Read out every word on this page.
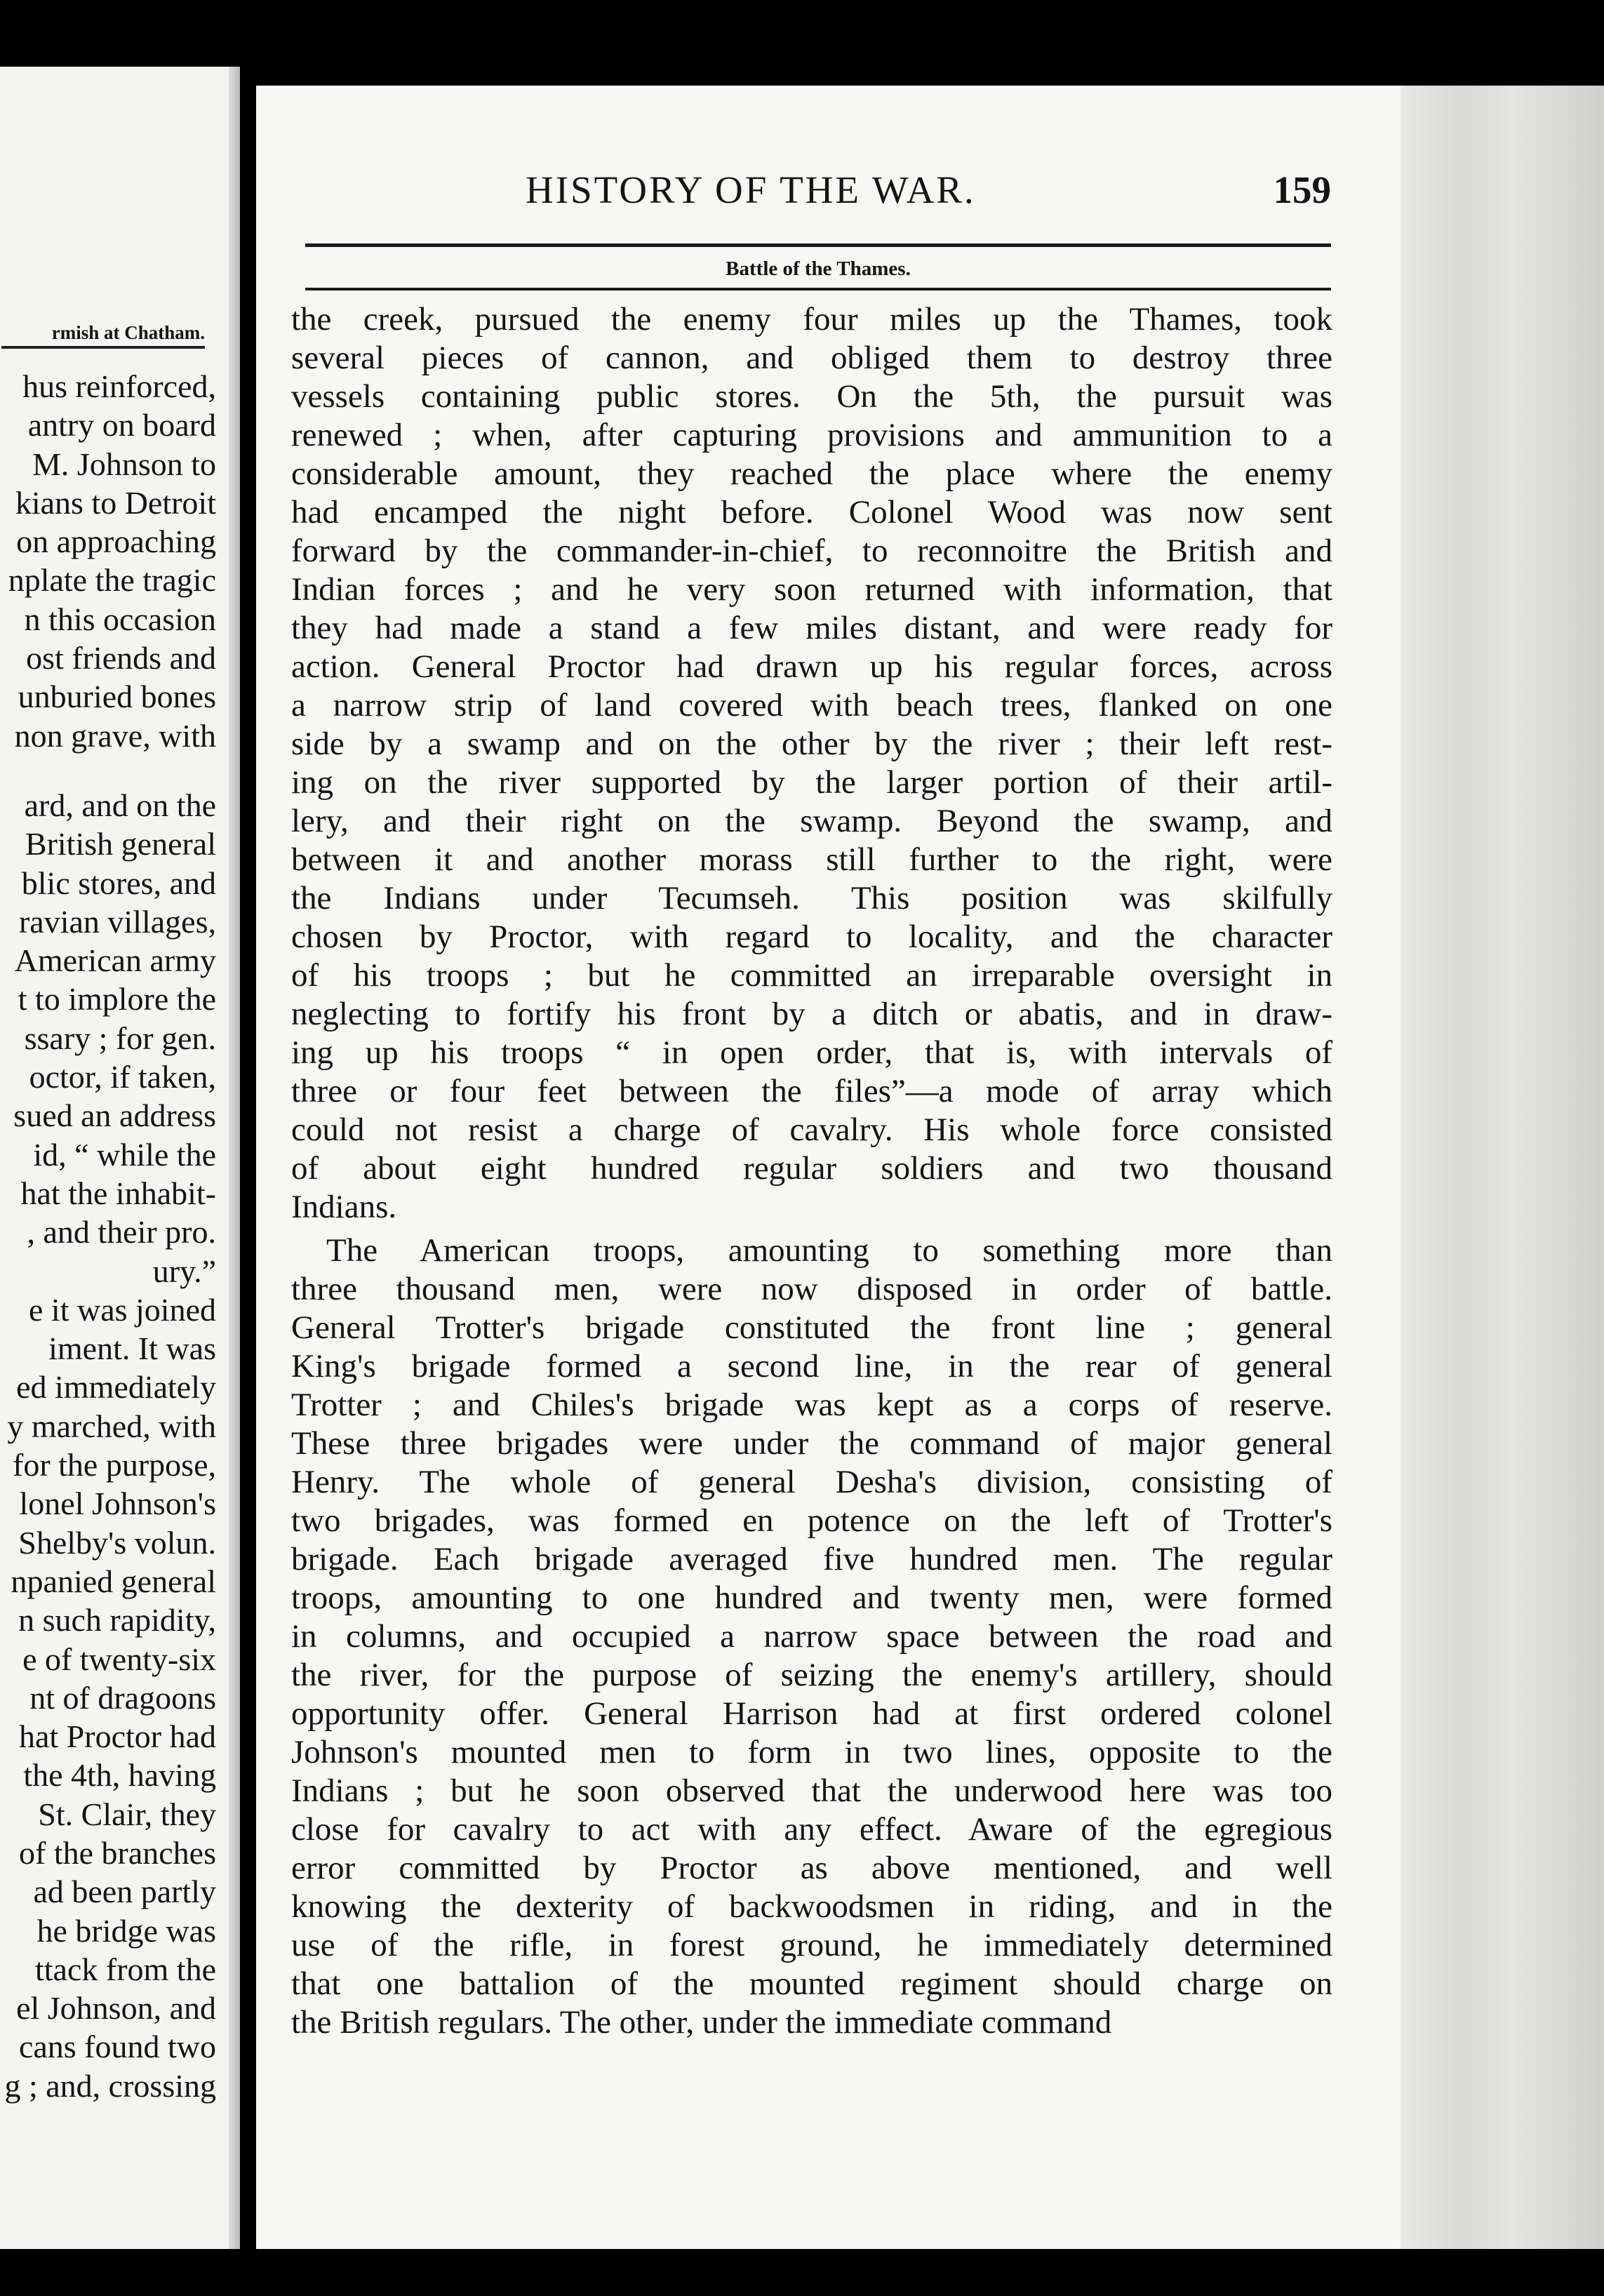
rmish at Chatham.
hus reinforced,
antry on board
M. Johnson to
kians to Detroit
on approaching
nplate the tragic
n this occasion
ost friends and
unburied bones
non grave, with
ard, and on the
British general
blic stores, and
ravian villages,
American army
t to implore the
ssary ; for gen.
octor, if taken,
sued an address
id, “ while the
hat the inhabit-
, and their pro.
ury.”
e it was joined
iment. It was
ed immediately
y marched, with
for the purpose,
lonel Johnson's
Shelby's volun.
npanied general
n such rapidity,
e of twenty-six
nt of dragoons
hat Proctor had
the 4th, having
St. Clair, they
of the branches
ad been partly
he bridge was
ttack from the
el Johnson, and
cans found two
g ; and, crossing
HISTORY OF THE WAR.	159
Battle of the Thames.
the creek, pursued the enemy four miles up the Thames, took
several pieces of cannon, and obliged them to destroy three
vessels containing public stores. On the 5th, the pursuit was
renewed ; when, after capturing provisions and ammunition to a
considerable amount, they reached the place where the enemy
had encamped the night before. Colonel Wood was now sent
forward by the commander-in-chief, to reconnoitre the British and
Indian forces ; and he very soon returned with information, that
they had made a stand a few miles distant, and were ready for
action. General Proctor had drawn up his regular forces, across
a narrow strip of land covered with beach trees, flanked on one
side by a swamp and on the other by the river ; their left rest-
ing on the river supported by the larger portion of their artil-
lery, and their right on the swamp. Beyond the swamp, and
between it and another morass still further to the right, were
the Indians under Tecumseh. This position was skilfully
chosen by Proctor, with regard to locality, and the character
of his troops ; but he committed an irreparable oversight in
neglecting to fortify his front by a ditch or abatis, and in draw-
ing up his troops “ in open order, that is, with intervals of
three or four feet between the files”—a mode of array which
could not resist a charge of cavalry. His whole force consisted
of about eight hundred regular soldiers and two thousand
Indians.
The American troops, amounting to something more than
three thousand men, were now disposed in order of battle.
General Trotter's brigade constituted the front line ; general
King's brigade formed a second line, in the rear of general
Trotter ; and Chiles's brigade was kept as a corps of reserve.
These three brigades were under the command of major general
Henry. The whole of general Desha's division, consisting of
two brigades, was formed en potence on the left of Trotter's
brigade. Each brigade averaged five hundred men. The regular
troops, amounting to one hundred and twenty men, were formed
in columns, and occupied a narrow space between the road and
the river, for the purpose of seizing the enemy's artillery, should
opportunity offer. General Harrison had at first ordered colonel
Johnson's mounted men to form in two lines, opposite to the
Indians ; but he soon observed that the underwood here was too
close for cavalry to act with any effect. Aware of the egregious
error committed by Proctor as above mentioned, and well
knowing the dexterity of backwoodsmen in riding, and in the
use of the rifle, in forest ground, he immediately determined
that one battalion of the mounted regiment should charge on
the British regulars. The other, under the immediate command
